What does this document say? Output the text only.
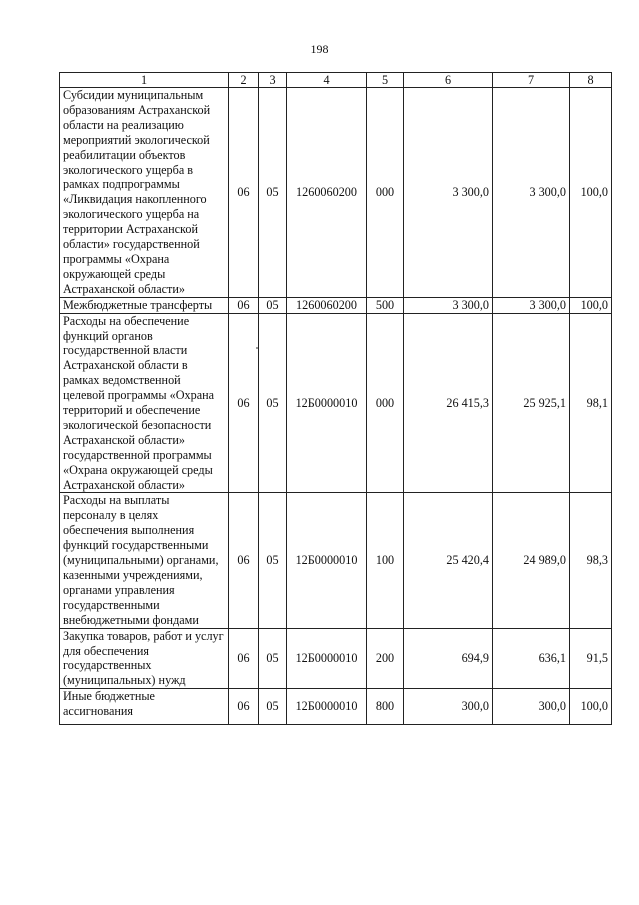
198
1	2	3	4	5	6	7	8
Субсидии муниципальным образованиям Астраханской области на реализацию мероприятий экологической реабилитации объектов экологического ущерба в рамках подпрограммы «Ликвидация накопленного экологического ущерба на территории Астраханской области» государственной программы «Охрана окружающей среды Астраханской области»	06	05	1260060200	000	3 300,0	3 300,0	100,0
Межбюджетные трансферты	06	05	1260060200	500	3 300,0	3 300,0	100,0
Расходы на обеспечение функций органов государственной власти Астраханской области в рамках ведомственной целевой программы «Охрана территорий и обеспечение экологической безопасности Астраханской области» государственной программы «Охрана окружающей среды Астраханской области»	06	05	12Б0000010	000	26 415,3	25 925,1	98,1
Расходы на выплаты персоналу в целях обеспечения выполнения функций государственными (муниципальными) органами, казенными учреждениями, органами управления государственными внебюджетными фондами	06	05	12Б0000010	100	25 420,4	24 989,0	98,3
Закупка товаров, работ и услуг для обеспечения государственных (муниципальных) нужд	06	05	12Б0000010	200	694,9	636,1	91,5
Иные бюджетные ассигнования	06	05	12Б0000010	800	300,0	300,0	100,0
